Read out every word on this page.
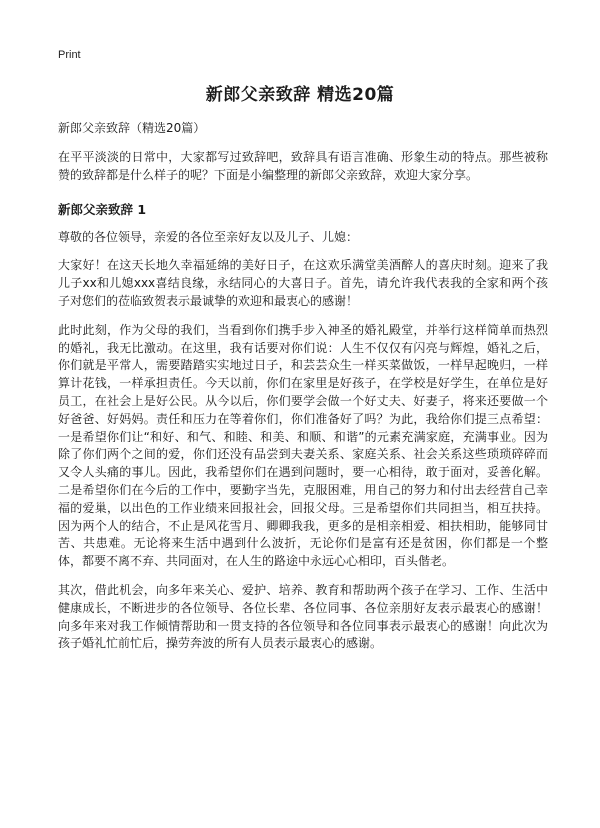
Print
新郎父亲致辞 精选20篇

新郎父亲致辞（精选20篇）

在平平淡淡的日常中，大家都写过致辞吧，致辞具有语言准确、形象生动的特点。那些被称赞的致辞都是什么样子的呢？下面是小编整理的新郎父亲致辞，欢迎大家分享。

新郎父亲致辞 1

尊敬的各位领导，亲爱的各位至亲好友以及儿子、儿媳：

大家好！在这天长地久幸福延绵的美好日子，在这欢乐满堂美酒醉人的喜庆时刻。迎来了我儿子xx和儿媳xxx喜结良缘，永结同心的大喜日子。首先，请允许我代表我的全家和两个孩子对您们的莅临致贺表示最诚挚的欢迎和最衷心的感谢！

此时此刻，作为父母的我们，当看到你们携手步入神圣的婚礼殿堂，并举行这样简单而热烈的婚礼，我无比激动。在这里，我有话要对你们说：人生不仅仅有闪亮与辉煌，婚礼之后，你们就是平常人，需要踏踏实实地过日子，和芸芸众生一样买菜做饭，一样早起晚归，一样算计花钱，一样承担责任。今天以前，你们在家里是好孩子，在学校是好学生，在单位是好员工，在社会上是好公民。从今以后，你们要学会做一个好丈夫、好妻子，将来还要做一个好爸爸、好妈妈。责任和压力在等着你们，你们准备好了吗？为此，我给你们提三点希望：一是希望你们让“和好、和气、和睦、和美、和顺、和谐”的元素充满家庭，充满事业。因为除了你们两个之间的爱，你们还没有品尝到夫妻关系、家庭关系、社会关系这些琐琐碎碎而又令人头痛的事儿。因此，我希望你们在遇到问题时，要一心相待，敢于面对，妥善化解。二是希望你们在今后的工作中，要勤字当先，克服困难，用自己的努力和付出去经营自己幸福的爱巢，以出色的工作业绩来回报社会，回报父母。三是希望你们共同担当，相互扶持。因为两个人的结合，不止是风花雪月、卿卿我我，更多的是相亲相爱、相扶相助，能够同甘苦、共患难。无论将来生活中遇到什么波折，无论你们是富有还是贫困，你们都是一个整体，都要不离不弃、共同面对，在人生的路途中永远心心相印，百头偕老。

其次，借此机会，向多年来关心、爱护、培养、教育和帮助两个孩子在学习、工作、生活中健康成长，不断进步的各位领导、各位长辈、各位同事、各位亲朋好友表示最衷心的感谢！向多年来对我工作倾情帮助和一贯支持的各位领导和各位同事表示最衷心的感谢！向此次为孩子婚礼忙前忙后，操劳奔波的所有人员表示最衷心的感谢。
